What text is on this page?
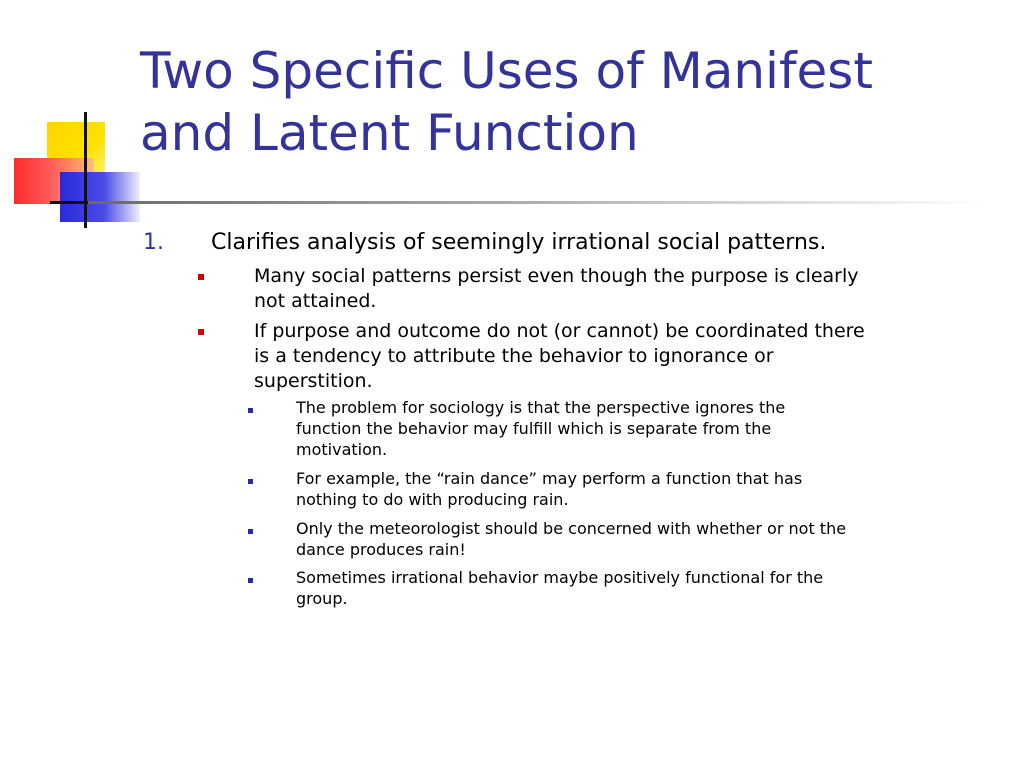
Two Specific Uses of Manifest
and Latent Function
1. Clarifies analysis of seemingly irrational social patterns.
Many social patterns persist even though the purpose is clearly
not attained.
If purpose and outcome do not (or cannot) be coordinated there
is a tendency to attribute the behavior to ignorance or
superstition.
The problem for sociology is that the perspective ignores the
function the behavior may fulfill which is separate from the
motivation.
For example, the “rain dance” may perform a function that has
nothing to do with producing rain.
Only the meteorologist should be concerned with whether or not the
dance produces rain!
Sometimes irrational behavior maybe positively functional for the
group.
